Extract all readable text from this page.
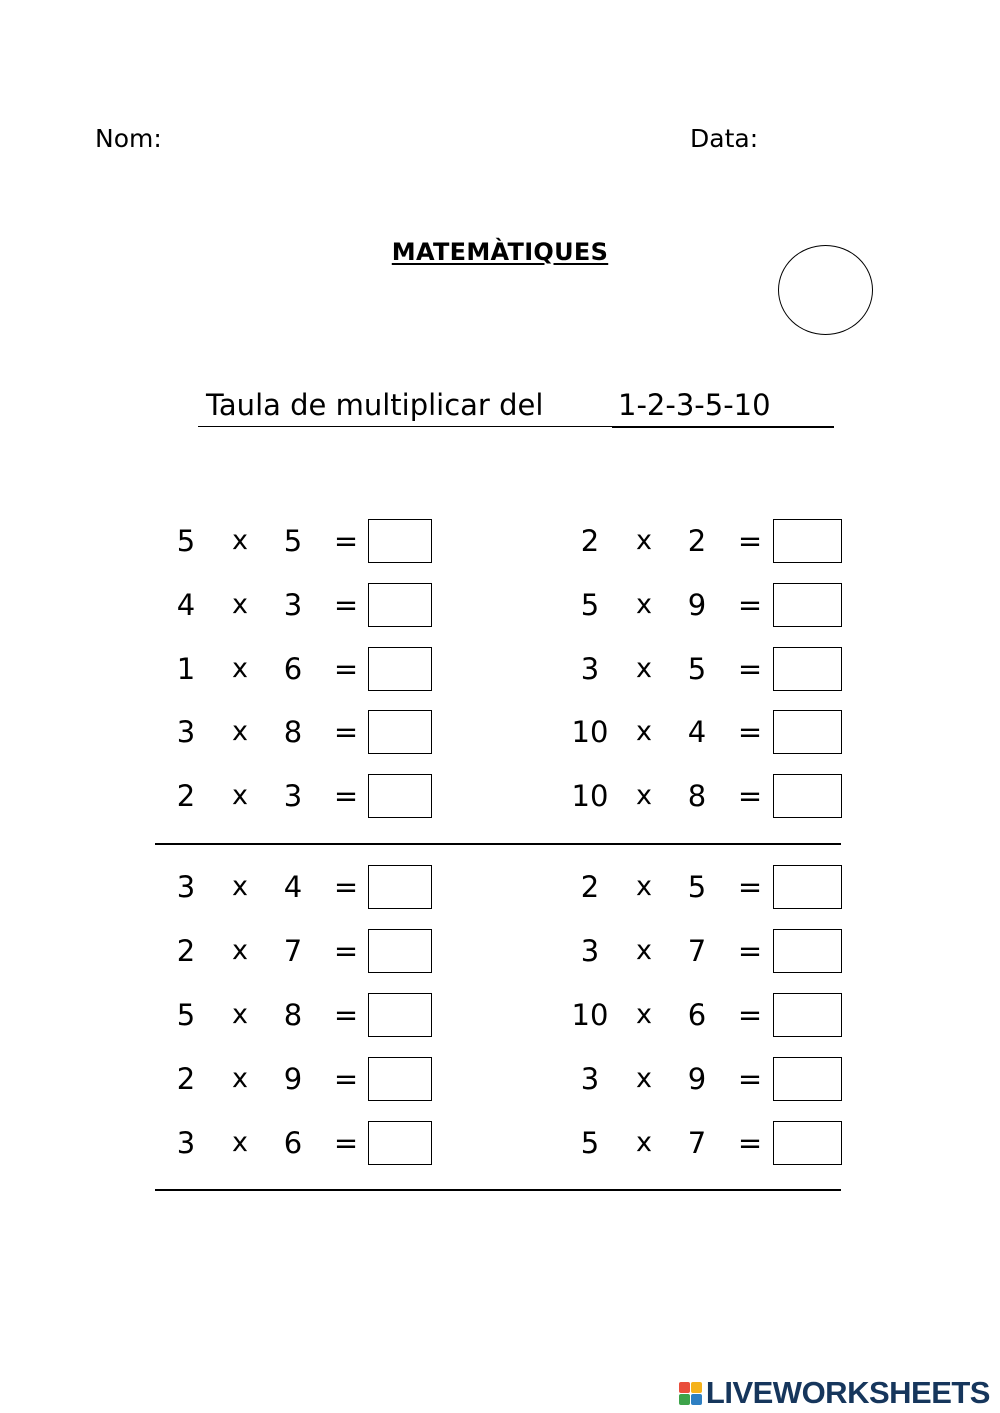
Nom:	Data:
MATEMÀTIQUES
Taula de multiplicar del	1-2-3-5-10
5	x	5	=	2	x	2	=
4	x	3	=	5	x	9	=
1	x	6	=	3	x	5	=
3	x	8	=	10 x	4	=
2	x	3	=	10 x	8	=
3	x	4	=	2	x	5	=
2	x	7	=	3	x	7	=
5	x	8	=	10 x	6	=
2	x	9	=	3	x	9	=
3	x	6	=	5	x	7	=
LIVEWORKSHEETS
